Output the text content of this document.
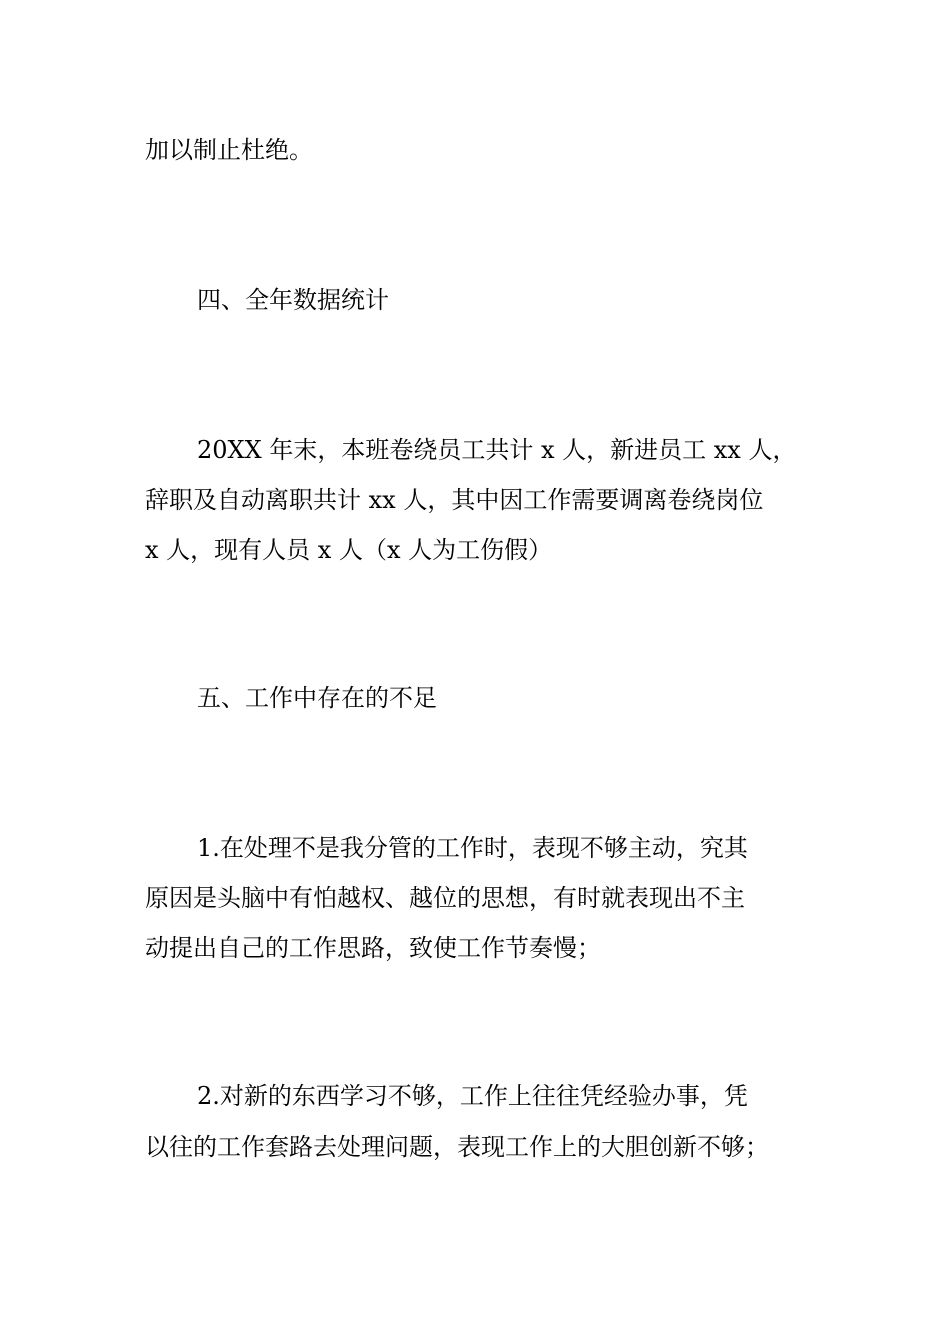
加以制止杜绝。
四、全年数据统计
20XX 年末，本班卷绕员工共计 x 人，新进员工 xx 人，
辞职及自动离职共计 xx 人，其中因工作需要调离卷绕岗位
x 人，现有人员 x 人（x 人为工伤假）
五、工作中存在的不足
1.在处理不是我分管的工作时，表现不够主动，究其
原因是头脑中有怕越权、越位的思想，有时就表现出不主
动提出自己的工作思路，致使工作节奏慢；
2.对新的东西学习不够，工作上往往凭经验办事，凭
以往的工作套路去处理问题，表现工作上的大胆创新不够；
